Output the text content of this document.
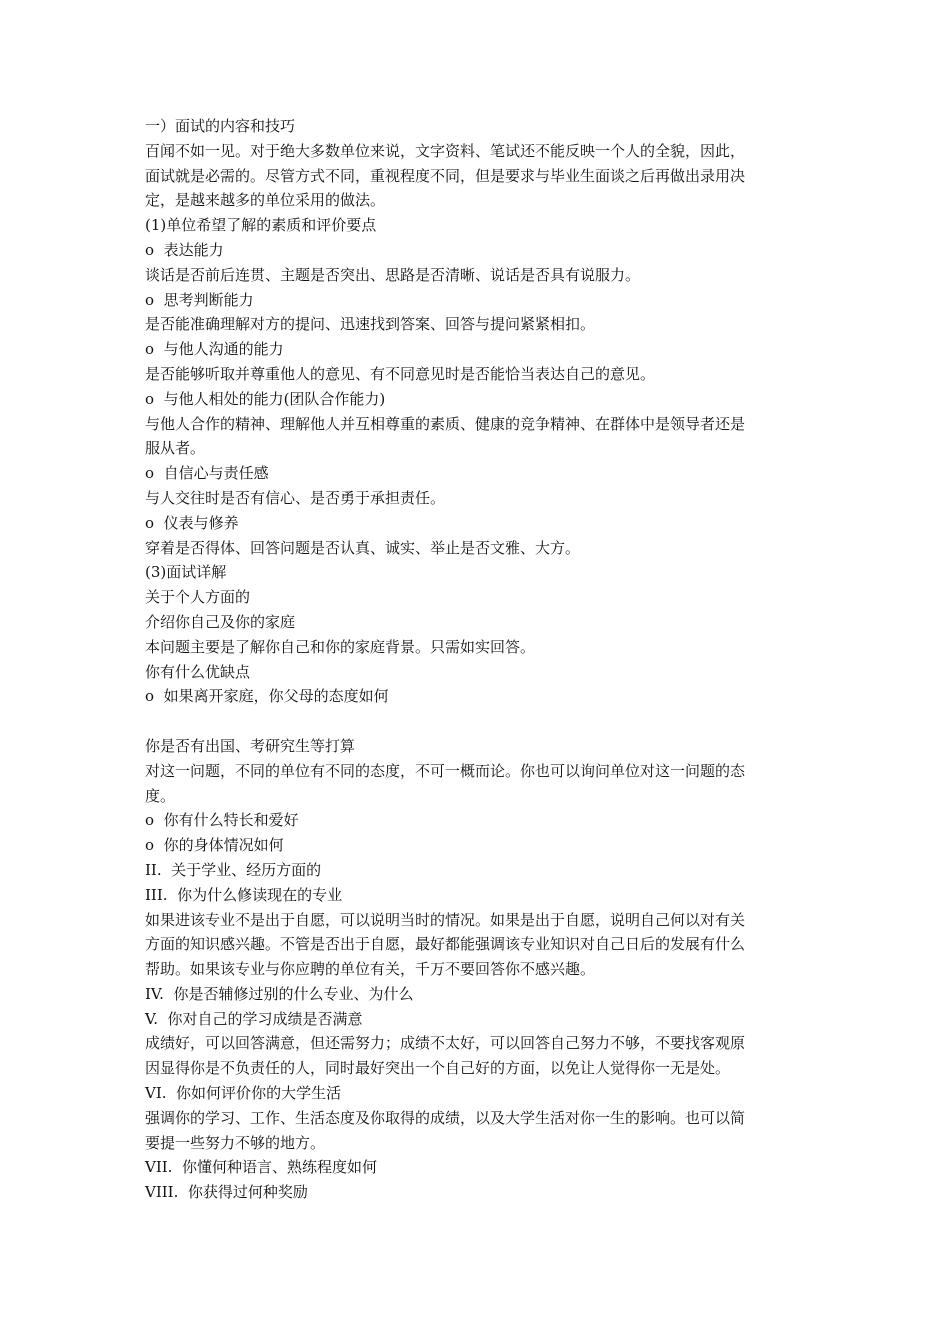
一）面试的内容和技巧
百闻不如一见。对于绝大多数单位来说，文字资料、笔试还不能反映一个人的全貌，因此，
面试就是必需的。尽管方式不同，重视程度不同，但是要求与毕业生面谈之后再做出录用决
定，是越来越多的单位采用的做法。
(1)单位希望了解的素质和评价要点
o  表达能力
谈话是否前后连贯、主题是否突出、思路是否清晰、说话是否具有说服力。
o  思考判断能力
是否能准确理解对方的提问、迅速找到答案、回答与提问紧紧相扣。
o  与他人沟通的能力
是否能够听取并尊重他人的意见、有不同意见时是否能恰当表达自己的意见。
o  与他人相处的能力(团队合作能力)
与他人合作的精神、理解他人并互相尊重的素质、健康的竞争精神、在群体中是领导者还是
服从者。
o  自信心与责任感
与人交往时是否有信心、是否勇于承担责任。
o  仪表与修养
穿着是否得体、回答问题是否认真、诚实、举止是否文雅、大方。
(3)面试详解
关于个人方面的
介绍你自己及你的家庭
本问题主要是了解你自己和你的家庭背景。只需如实回答。
你有什么优缺点
o  如果离开家庭，你父母的态度如何
你是否有出国、考研究生等打算
对这一问题，不同的单位有不同的态度，不可一概而论。你也可以询问单位对这一问题的态
度。
o  你有什么特长和爱好
o  你的身体情况如何
II.  关于学业、经历方面的
III.  你为什么修读现在的专业
如果进该专业不是出于自愿，可以说明当时的情况。如果是出于自愿，说明自己何以对有关
方面的知识感兴趣。不管是否出于自愿，最好都能强调该专业知识对自己日后的发展有什么
帮助。如果该专业与你应聘的单位有关，千万不要回答你不感兴趣。
IV.  你是否辅修过别的什么专业、为什么
V.  你对自己的学习成绩是否满意
成绩好，可以回答满意，但还需努力；成绩不太好，可以回答自己努力不够，不要找客观原
因显得你是不负责任的人，同时最好突出一个自己好的方面，以免让人觉得你一无是处。
VI.  你如何评价你的大学生活
强调你的学习、工作、生活态度及你取得的成绩，以及大学生活对你一生的影响。也可以简
要提一些努力不够的地方。
VII.  你懂何种语言、熟练程度如何
VIII.  你获得过何种奖励
